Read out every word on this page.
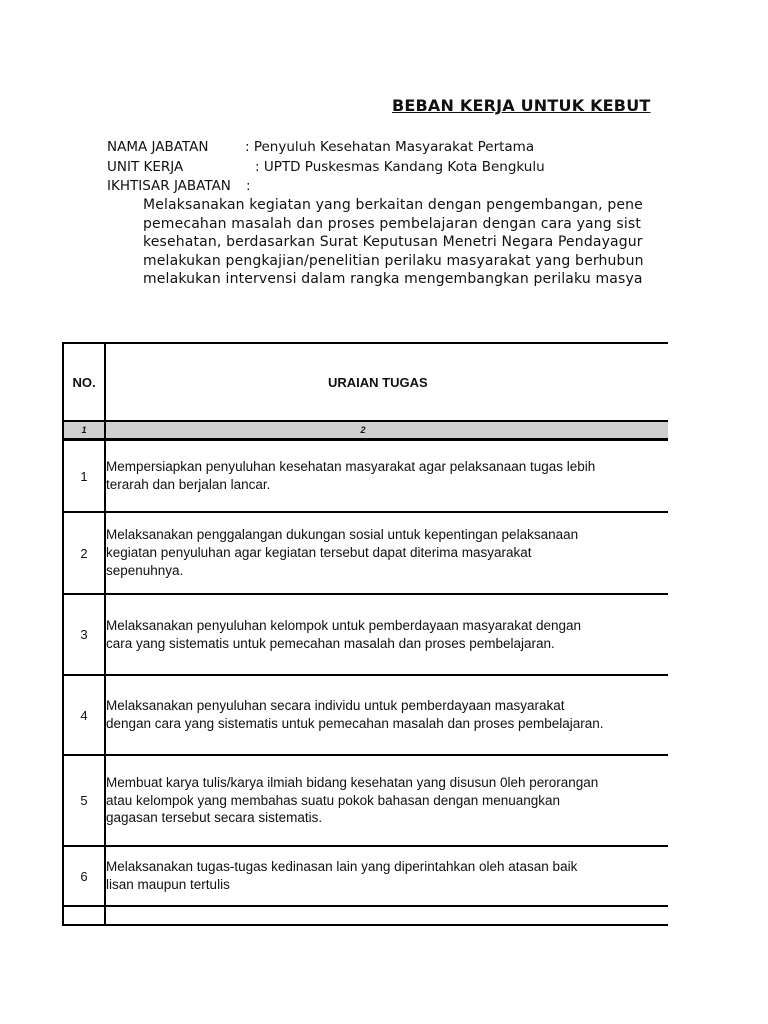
BEBAN KERJA UNTUK KEBUT
NAMA JABATAN	: Penyuluh Kesehatan Masyarakat Pertama
UNIT KERJA	: UPTD Puskesmas Kandang Kota Bengkulu
IKHTISAR JABATAN :
Melaksanakan kegiatan yang berkaitan dengan pengembangan, pene
pemecahan masalah dan proses pembelajaran dengan cara yang sist
kesehatan, berdasarkan Surat Keputusan Menetri Negara Pendayagur
melakukan pengkajian/penelitian perilaku masyarakat yang berhubun
melakukan intervensi dalam rangka mengembangkan perilaku masya
NO.	URAIAN TUGAS
1	2
1	Mempersiapkan penyuluhan kesehatan masyarakat agar pelaksanaan tugas lebih
terarah dan berjalan lancar.

2	Melaksanakan penggalangan dukungan sosial untuk kepentingan pelaksanaan
kegiatan penyuluhan agar kegiatan tersebut dapat diterima masyarakat
sepenuhnya.

3	Melaksanakan penyuluhan kelompok untuk pemberdayaan masyarakat dengan
cara yang sistematis untuk pemecahan masalah dan proses pembelajaran.

4	Melaksanakan penyuluhan secara individu untuk pemberdayaan masyarakat
dengan cara yang sistematis untuk pemecahan masalah dan proses pembelajaran.

5	Membuat karya tulis/karya ilmiah bidang kesehatan yang disusun 0leh perorangan
atau kelompok yang membahas suatu pokok bahasan dengan menuangkan
gagasan tersebut secara sistematis.

6	Melaksanakan tugas-tugas kedinasan lain yang diperintahkan oleh atasan baik
lisan maupun tertulis
